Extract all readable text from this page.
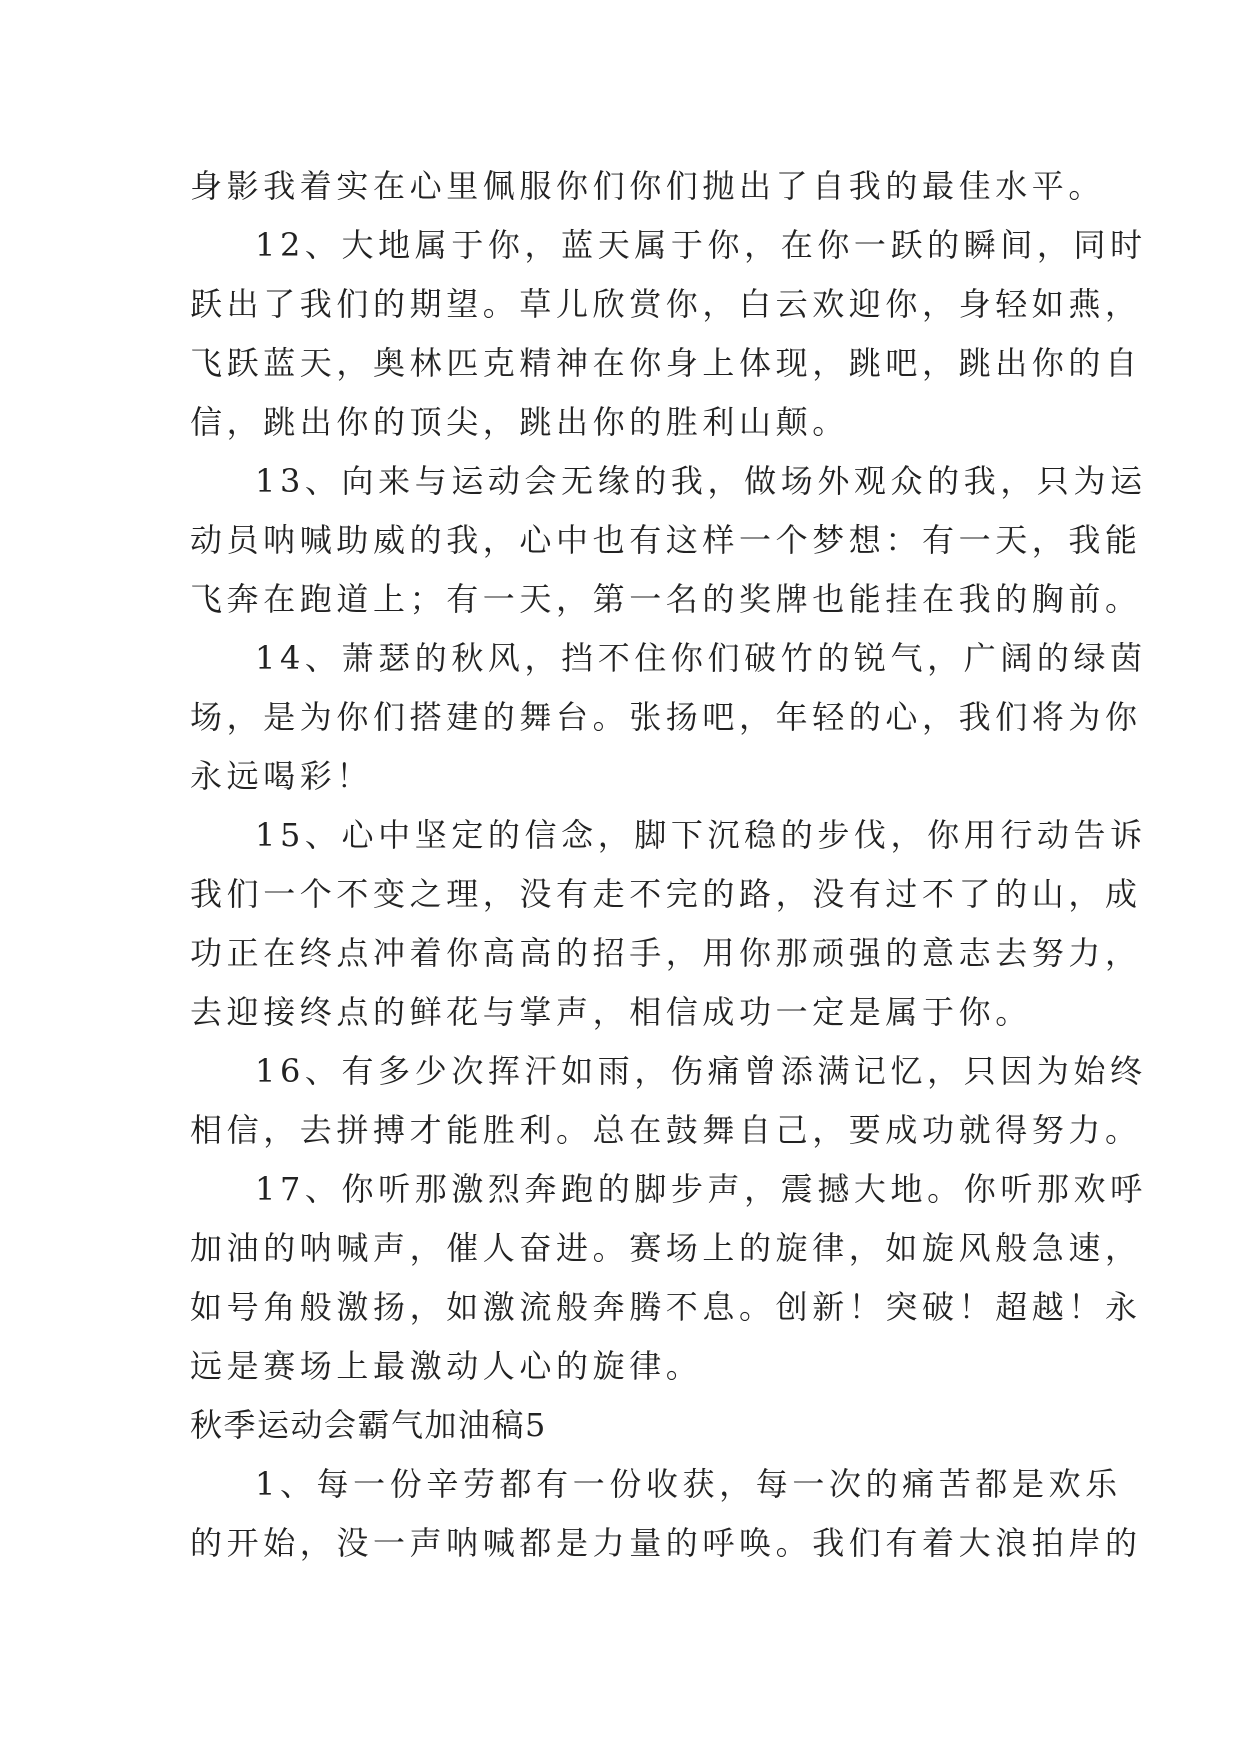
身影我着实在心里佩服你们你们抛出了自我的最佳水平。
12、大地属于你，蓝天属于你，在你一跃的瞬间，同时
跃出了我们的期望。草儿欣赏你，白云欢迎你，身轻如燕，
飞跃蓝天，奥林匹克精神在你身上体现，跳吧，跳出你的自
信，跳出你的顶尖，跳出你的胜利山颠。
13、向来与运动会无缘的我，做场外观众的我，只为运
动员呐喊助威的我，心中也有这样一个梦想：有一天，我能
飞奔在跑道上；有一天，第一名的奖牌也能挂在我的胸前。
14、萧瑟的秋风，挡不住你们破竹的锐气，广阔的绿茵
场，是为你们搭建的舞台。张扬吧，年轻的心，我们将为你
永远喝彩！
15、心中坚定的信念，脚下沉稳的步伐，你用行动告诉
我们一个不变之理，没有走不完的路，没有过不了的山，成
功正在终点冲着你高高的招手，用你那顽强的意志去努力，
去迎接终点的鲜花与掌声，相信成功一定是属于你。
16、有多少次挥汗如雨，伤痛曾添满记忆，只因为始终
相信，去拼搏才能胜利。总在鼓舞自己，要成功就得努力。
17、你听那激烈奔跑的脚步声，震撼大地。你听那欢呼
加油的呐喊声，催人奋进。赛场上的旋律，如旋风般急速，
如号角般激扬，如激流般奔腾不息。创新！突破！超越！永
远是赛场上最激动人心的旋律。
秋季运动会霸气加油稿5
1、每一份辛劳都有一份收获，每一次的痛苦都是欢乐
的开始，没一声呐喊都是力量的呼唤。我们有着大浪拍岸的
